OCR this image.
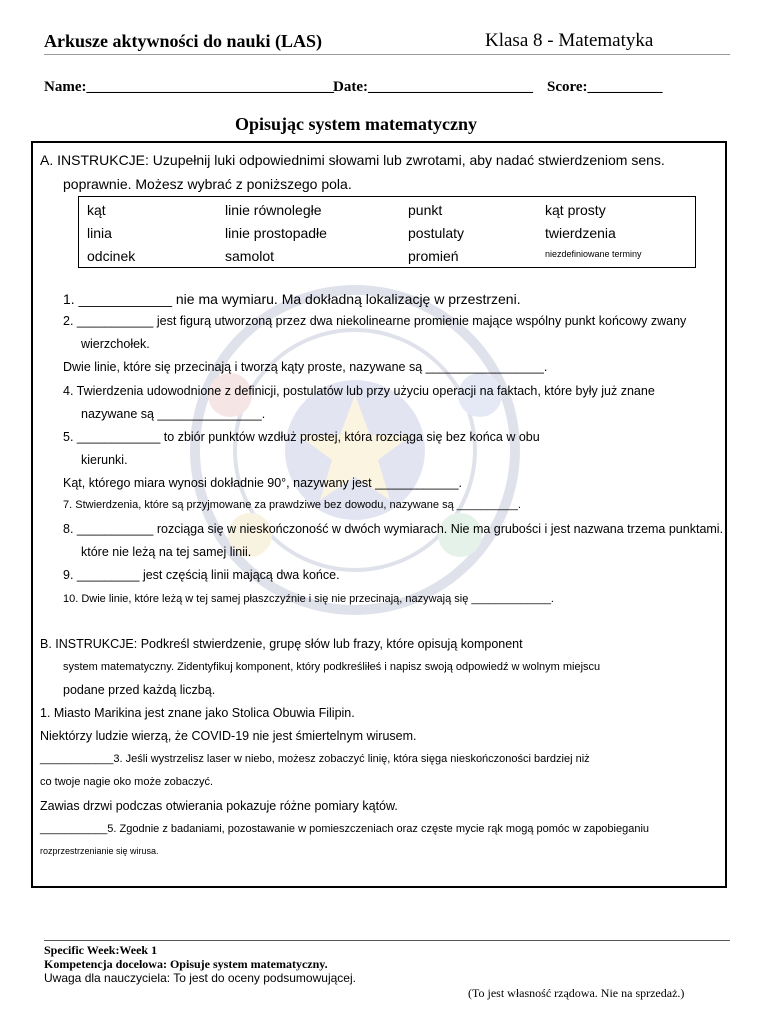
Arkusze aktywności do nauki (LAS)	Klasa 8 - Matematyka
Name:_________________________________ Date:______________________ Score:__________
Opisując system matematyczny
A. INSTRUKCJE: Uzupełnij luki odpowiednimi słowami lub zwrotami, aby nadać stwierdzeniom sens.
poprawnie. Możesz wybrać z poniższego pola.
kąt	linie równoległe	punkt	kąt prosty
linia	linie prostopadłe	postulaty	twierdzenia
odcinek	samolot	promień	niezdefiniowane terminy
1. ____________ nie ma wymiaru. Ma dokładną lokalizację w przestrzeni.
2. ___________ jest figurą utworzoną przez dwa niekolinearne promienie mające wspólny punkt końcowy zwany
wierzchołek.
Dwie linie, które się przecinają i tworzą kąty proste, nazywane są _________________.
4. Twierdzenia udowodnione z definicji, postulatów lub przy użyciu operacji na faktach, które były już znane
nazywane są _______________.
5. ____________ to zbiór punktów wzdłuż prostej, która rozciąga się bez końca w obu
kierunki.
Kąt, którego miara wynosi dokładnie 90°, nazywany jest ____________.
7. Stwierdzenia, które są przyjmowane za prawdziwe bez dowodu, nazywane są __________.
8. ___________ rozciąga się w nieskończoność w dwóch wymiarach. Nie ma grubości i jest nazwana trzema punktami.
które nie leżą na tej samej linii.
9. _________ jest częścią linii mającą dwa końce.
10. Dwie linie, które leżą w tej samej płaszczyźnie i się nie przecinają, nazywają się _____________.
B. INSTRUKCJE: Podkreśl stwierdzenie, grupę słów lub frazy, które opisują komponent
system matematyczny. Zidentyfikuj komponent, który podkreśliłeś i napisz swoją odpowiedź w wolnym miejscu
podane przed każdą liczbą.
1. Miasto Marikina jest znane jako Stolica Obuwia Filipin.
Niektórzy ludzie wierzą, że COVID-19 nie jest śmiertelnym wirusem.
____________3. Jeśli wystrzelisz laser w niebo, możesz zobaczyć linię, która sięga nieskończoności bardziej niż
co twoje nagie oko może zobaczyć.
Zawias drzwi podczas otwierania pokazuje różne pomiary kątów.
___________5. Zgodnie z badaniami, pozostawanie w pomieszczeniach oraz częste mycie rąk mogą pomóc w zapobieganiu
rozprzestrzenianie się wirusa.
Specific Week:Week 1
Kompetencja docelowa: Opisuje system matematyczny.
Uwaga dla nauczyciela: To jest do oceny podsumowującej.
(To jest własność rządowa. Nie na sprzedaż.)
